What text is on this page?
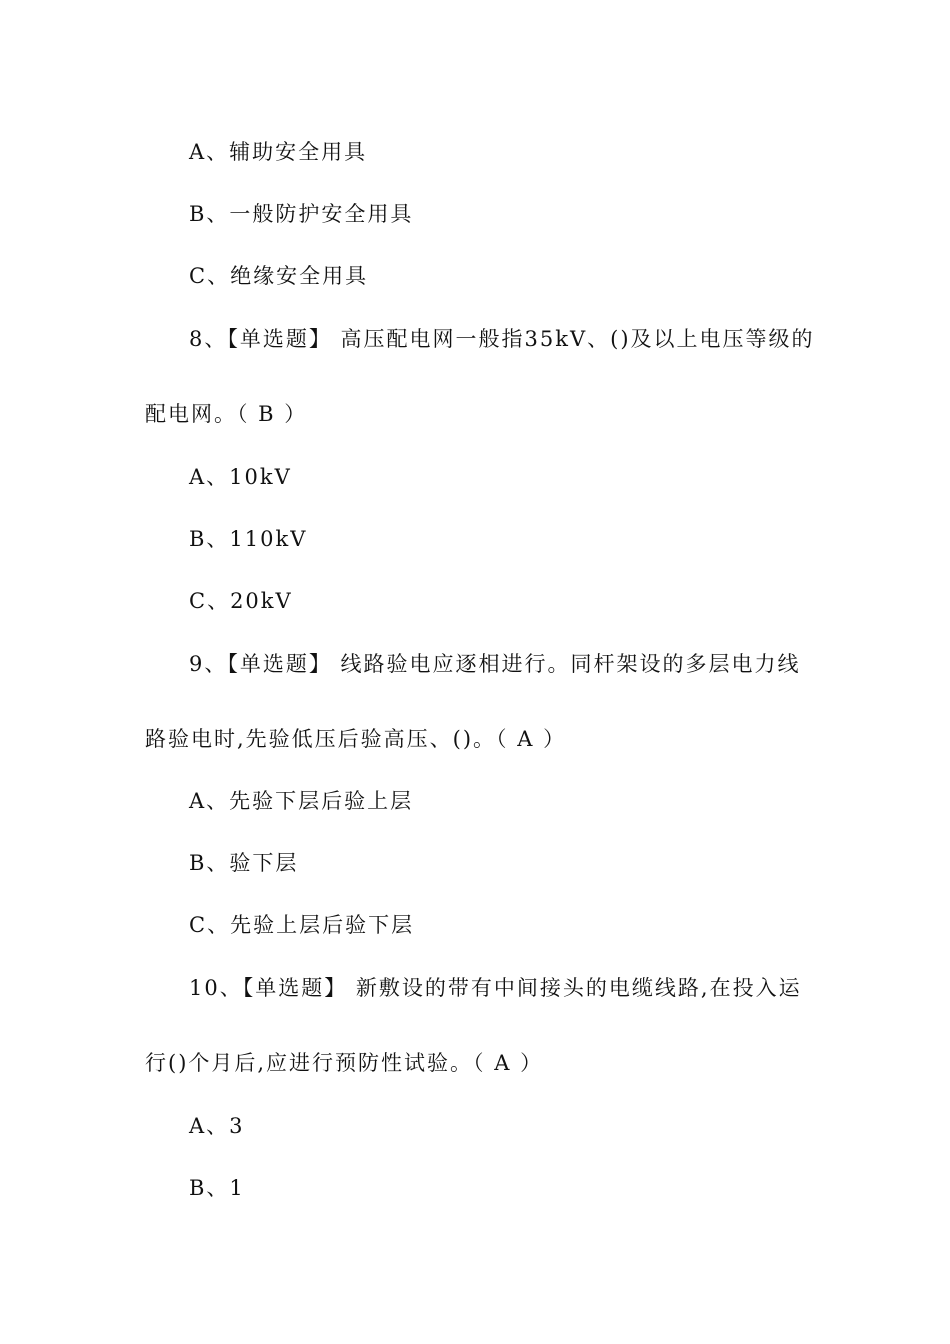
A、辅助安全用具
B、一般防护安全用具
C、绝缘安全用具
8、【单选题】 高压配电网一般指35kV、()及以上电压等级的
配电网。（ B ）
A、10kV
B、110kV
C、20kV
9、【单选题】 线路验电应逐相进行。同杆架设的多层电力线
路验电时,先验低压后验高压、()。（ A ）
A、先验下层后验上层
B、验下层
C、先验上层后验下层
10、【单选题】 新敷设的带有中间接头的电缆线路,在投入运
行()个月后,应进行预防性试验。（ A ）
A、3
B、1
